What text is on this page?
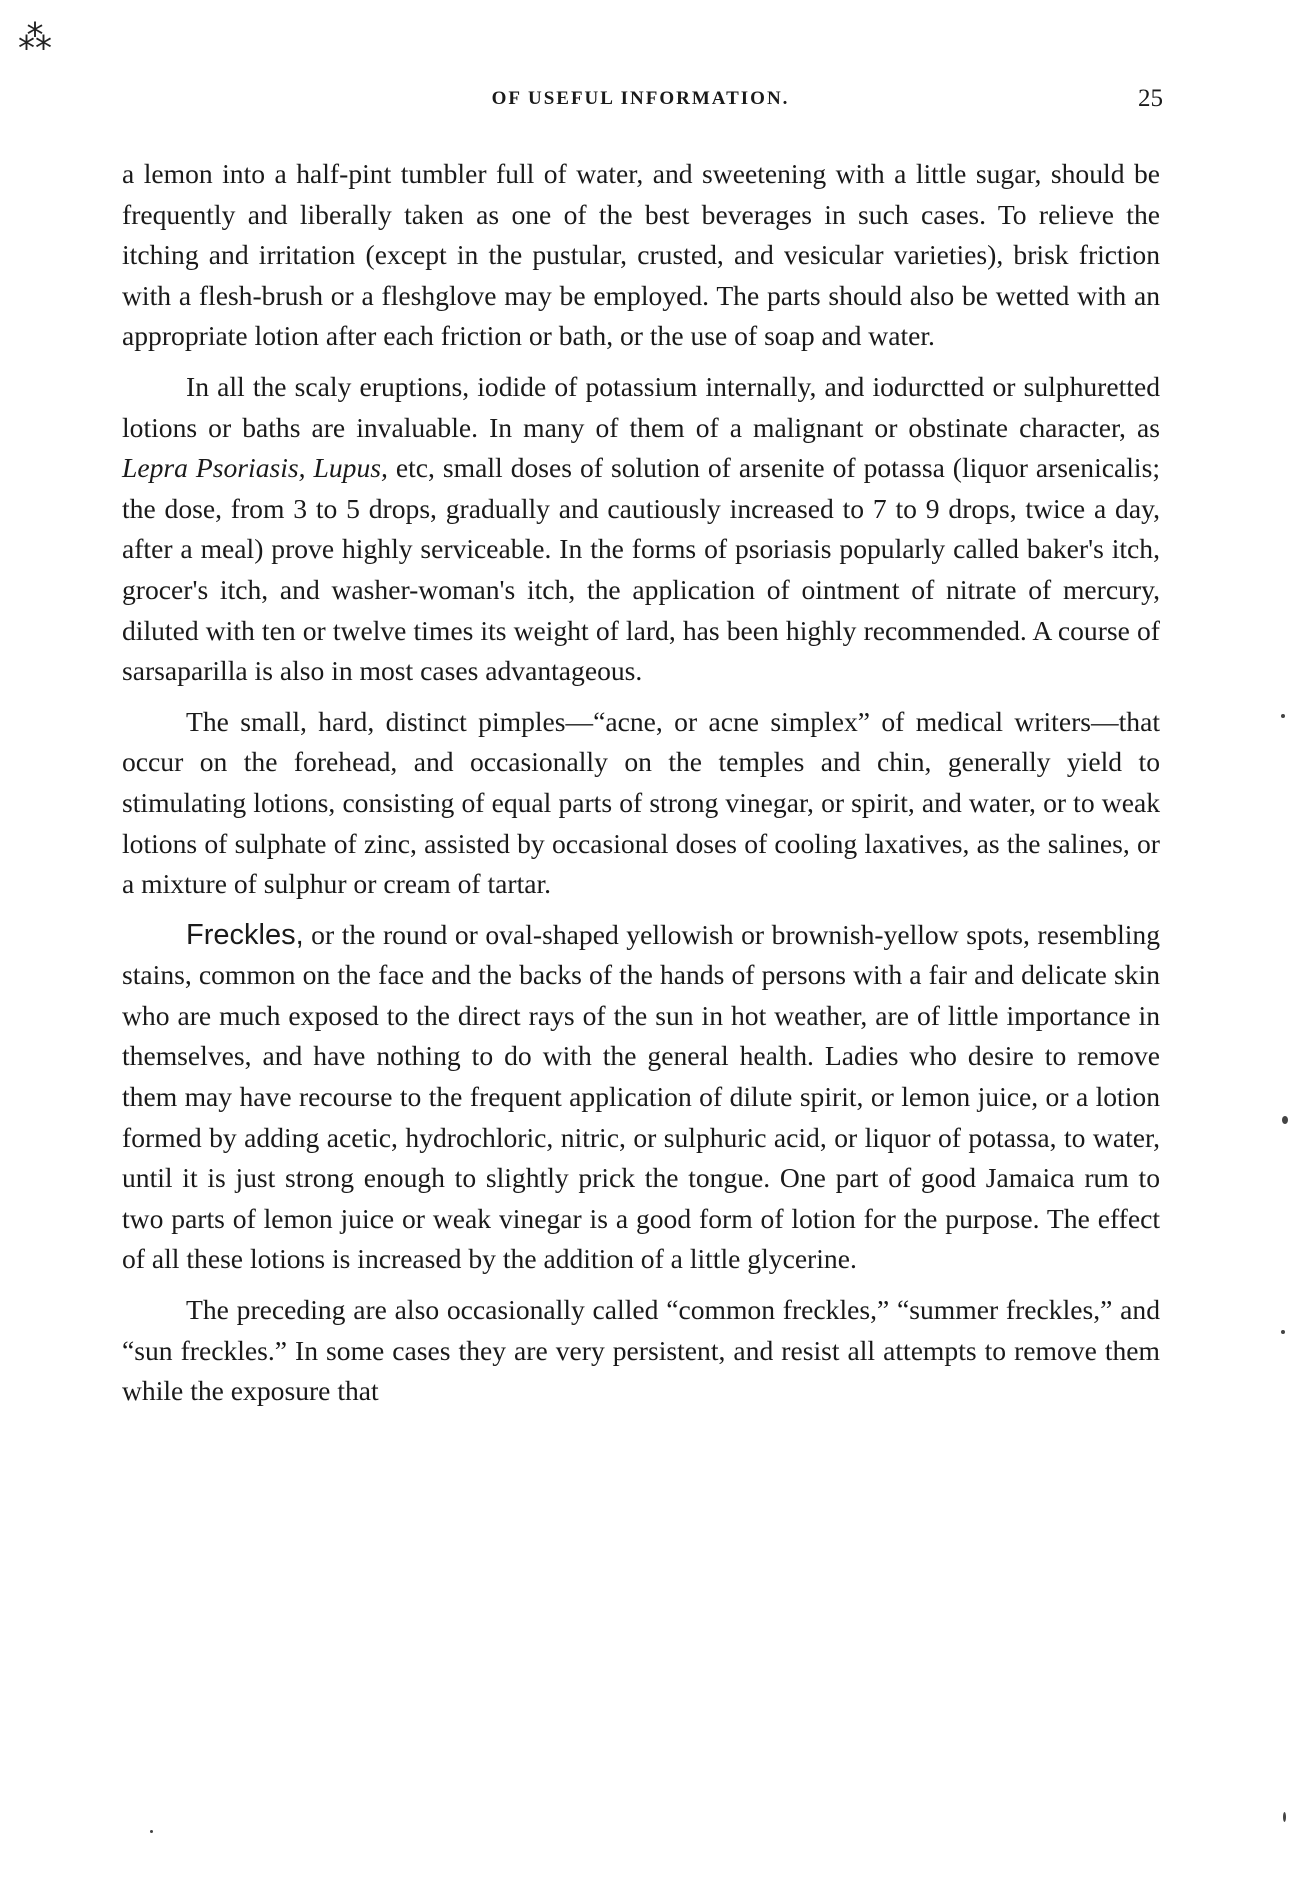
⁂
OF USEFUL INFORMATION.	25

a lemon into a half-pint tumbler full of water, and sweetening with a little sugar, should be frequently and liberally taken as one of the best beverages in such cases. To relieve the itching and irritation (except in the pustular, crusted, and vesicular varieties), brisk friction with a flesh-brush or a fleshglove may be employed. The parts should also be wetted with an appropriate lotion after each friction or bath, or the use of soap and water.

In all the scaly eruptions, iodide of potassium internally, and iodurctted or sulphuretted lotions or baths are invaluable. In many of them of a malignant or obstinate character, as Lepra Psoriasis, Lupus, etc, small doses of solution of arsenite of potassa (liquor arsenicalis; the dose, from 3 to 5 drops, gradually and cautiously increased to 7 to 9 drops, twice a day, after a meal) prove highly serviceable. In the forms of psoriasis popularly called baker's itch, grocer's itch, and washer-woman's itch, the application of ointment of nitrate of mercury, diluted with ten or twelve times its weight of lard, has been highly recommended. A course of sarsaparilla is also in most cases advantageous.

The small, hard, distinct pimples—“acne, or acne simplex” of medical writers—that occur on the forehead, and occasionally on the temples and chin, generally yield to stimulating lotions, consisting of equal parts of strong vinegar, or spirit, and water, or to weak lotions of sulphate of zinc, assisted by occasional doses of cooling laxatives, as the salines, or a mixture of sulphur or cream of tartar.

Freckles, or the round or oval-shaped yellowish or brownish-yellow spots, resembling stains, common on the face and the backs of the hands of persons with a fair and delicate skin who are much exposed to the direct rays of the sun in hot weather, are of little importance in themselves, and have nothing to do with the general health. Ladies who desire to remove them may have recourse to the frequent application of dilute spirit, or lemon juice, or a lotion formed by adding acetic, hydrochloric, nitric, or sulphuric acid, or liquor of potassa, to water, until it is just strong enough to slightly prick the tongue. One part of good Jamaica rum to two parts of lemon juice or weak vinegar is a good form of lotion for the purpose. The effect of all these lotions is increased by the addition of a little glycerine.

The preceding are also occasionally called “common freckles,” “summer freckles,” and “sun freckles.” In some cases they are very persistent, and resist all attempts to remove them while the exposure that
